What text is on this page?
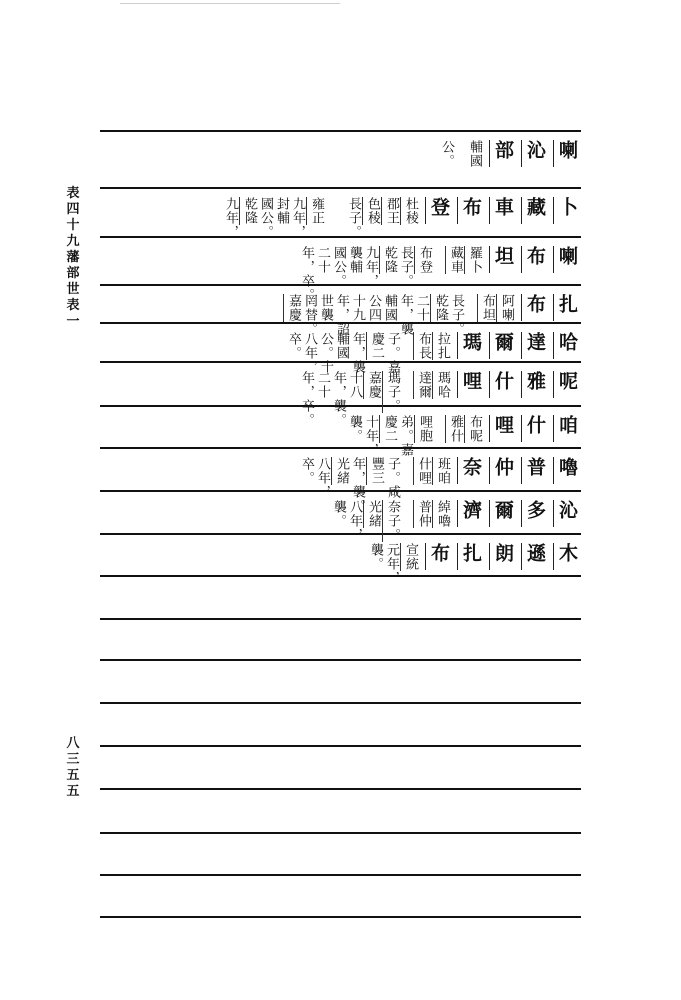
表四十九　藩部世表一
八三五五
喇
沁
部
輔國
公。
卜
藏
車
布
登
杜稜
郡王
色稜
長子。
雍正
九年，
封輔
國公。
乾隆
九年，
喇
布
坦
羅卜
藏車
布登
長子。
乾隆
九年，
襲輔
國公。
二十
年，卒。
扎
布
阿喇
布坦
長子。
乾隆
二十
年，襲
輔國
公四
十九
年，詔
世襲
罔替。
嘉慶
哈
達
爾
瑪
拉扎
布長
子。嘉
慶二
年，襲
輔國
公。十
八年，
卒。
呢
雅
什
哩
瑪哈
達爾
瑪子。
嘉慶
十八
年，襲。
二十
年，卒。
咱
什
哩
布呢
雅什
哩胞
弟。嘉
慶二
十年，
襲。
嚕
普
仲
奈
班咱
什哩
子。咸
豐三
年，襲。
光緒
八年，
卒。
沁
多
爾
濟
綽嚕
普仲
奈子。
光緒
八年，
襲。
木
遜
朗
扎
布
宣統
元年，
襲。
